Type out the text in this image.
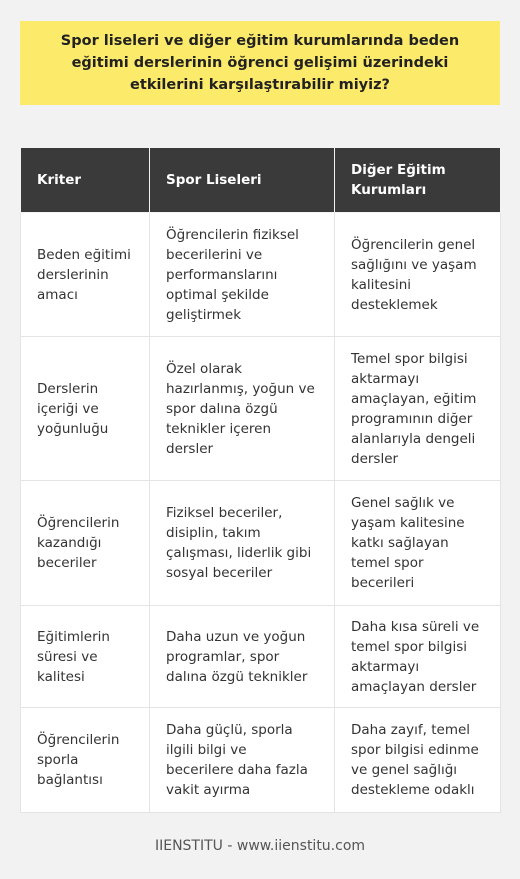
Spor liseleri ve diğer eğitim kurumlarında beden eğitimi derslerinin öğrenci gelişimi üzerindeki etkilerini karşılaştırabilir miyiz?
Kriter	Spor Liseleri	Diğer Eğitim Kurumları
Beden eğitimi derslerinin amacı	Öğrencilerin fiziksel becerilerini ve performanslarını optimal şekilde geliştirmek	Öğrencilerin genel sağlığını ve yaşam kalitesini desteklemek
Derslerin içeriği ve yoğunluğu	Özel olarak hazırlanmış, yoğun ve spor dalına özgü teknikler içeren dersler	Temel spor bilgisi aktarmayı amaçlayan, eğitim programının diğer alanlarıyla dengeli dersler
Öğrencilerin kazandığı beceriler	Fiziksel beceriler, disiplin, takım çalışması, liderlik gibi sosyal beceriler	Genel sağlık ve yaşam kalitesine katkı sağlayan temel spor becerileri
Eğitimlerin süresi ve kalitesi	Daha uzun ve yoğun programlar, spor dalına özgü teknikler	Daha kısa süreli ve temel spor bilgisi aktarmayı amaçlayan dersler
Öğrencilerin sporla bağlantısı	Daha güçlü, sporla ilgili bilgi ve becerilere daha fazla vakit ayırma	Daha zayıf, temel spor bilgisi edinme ve genel sağlığı destekleme odaklı
IIENSTITU - www.iienstitu.com
